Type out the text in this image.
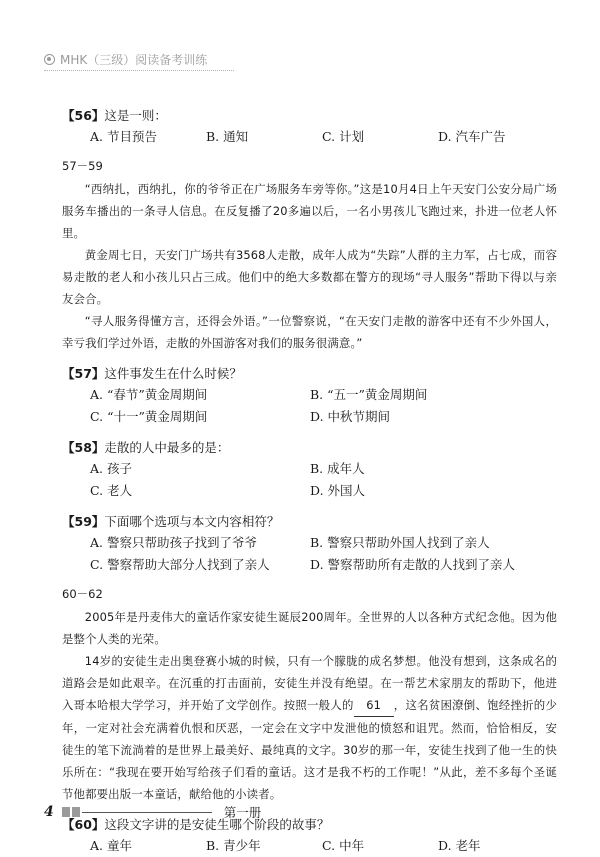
MHK（三级）阅读备考训练
【56】这是一则：
A. 节目预告	B. 通知	C. 计划	D. 汽车广告
57－59

“西纳扎，西纳扎，你的爷爷正在广场服务车旁等你。”这是10月4日上午天安门公安分局广场服务车播出的一条寻人信息。在反复播了20多遍以后，一名小男孩儿飞跑过来，扑进一位老人怀里。

黄金周七日，天安门广场共有3568人走散，成年人成为“失踪”人群的主力军，占七成，而容易走散的老人和小孩儿只占三成。他们中的绝大多数都在警方的现场“寻人服务”帮助下得以与亲友会合。

“寻人服务得懂方言，还得会外语。”一位警察说，“在天安门走散的游客中还有不少外国人，幸亏我们学过外语，走散的外国游客对我们的服务很满意。”

【57】这件事发生在什么时候？
A. “春节”黄金周期间	B. “五一”黄金周期间
C. “十一”黄金周期间	D. 中秋节期间
【58】走散的人中最多的是：
A. 孩子	B. 成年人
C. 老人	D. 外国人
【59】下面哪个选项与本文内容相符？
A. 警察只帮助孩子找到了爷爷	B. 警察只帮助外国人找到了亲人
C. 警察帮助大部分人找到了亲人	D. 警察帮助所有走散的人找到了亲人
60－62

2005年是丹麦伟大的童话作家安徒生诞辰200周年。全世界的人以各种方式纪念他。因为他是整个人类的光荣。

14岁的安徒生走出奥登赛小城的时候，只有一个朦胧的成名梦想。他没有想到，这条成名的道路会是如此艰辛。在沉重的打击面前，安徒生并没有绝望。在一帮艺术家朋友的帮助下，他进入哥本哈根大学学习，并开始了文学创作。按照一般人的 61 ，这名贫困潦倒、饱经挫折的少年，一定对社会充满着仇恨和厌恶，一定会在文字中发泄他的愤怒和诅咒。然而，恰恰相反，安徒生的笔下流淌着的是世界上最美好、最纯真的文字。30岁的那一年，安徒生找到了他一生的快乐所在：“我现在要开始写给孩子们看的童话。这才是我不朽的工作呢！”从此，差不多每个圣诞节他都要出版一本童话，献给他的小读者。

【60】这段文字讲的是安徒生哪个阶段的故事？
A. 童年	B. 青少年	C. 中年	D. 老年
4	第一册
